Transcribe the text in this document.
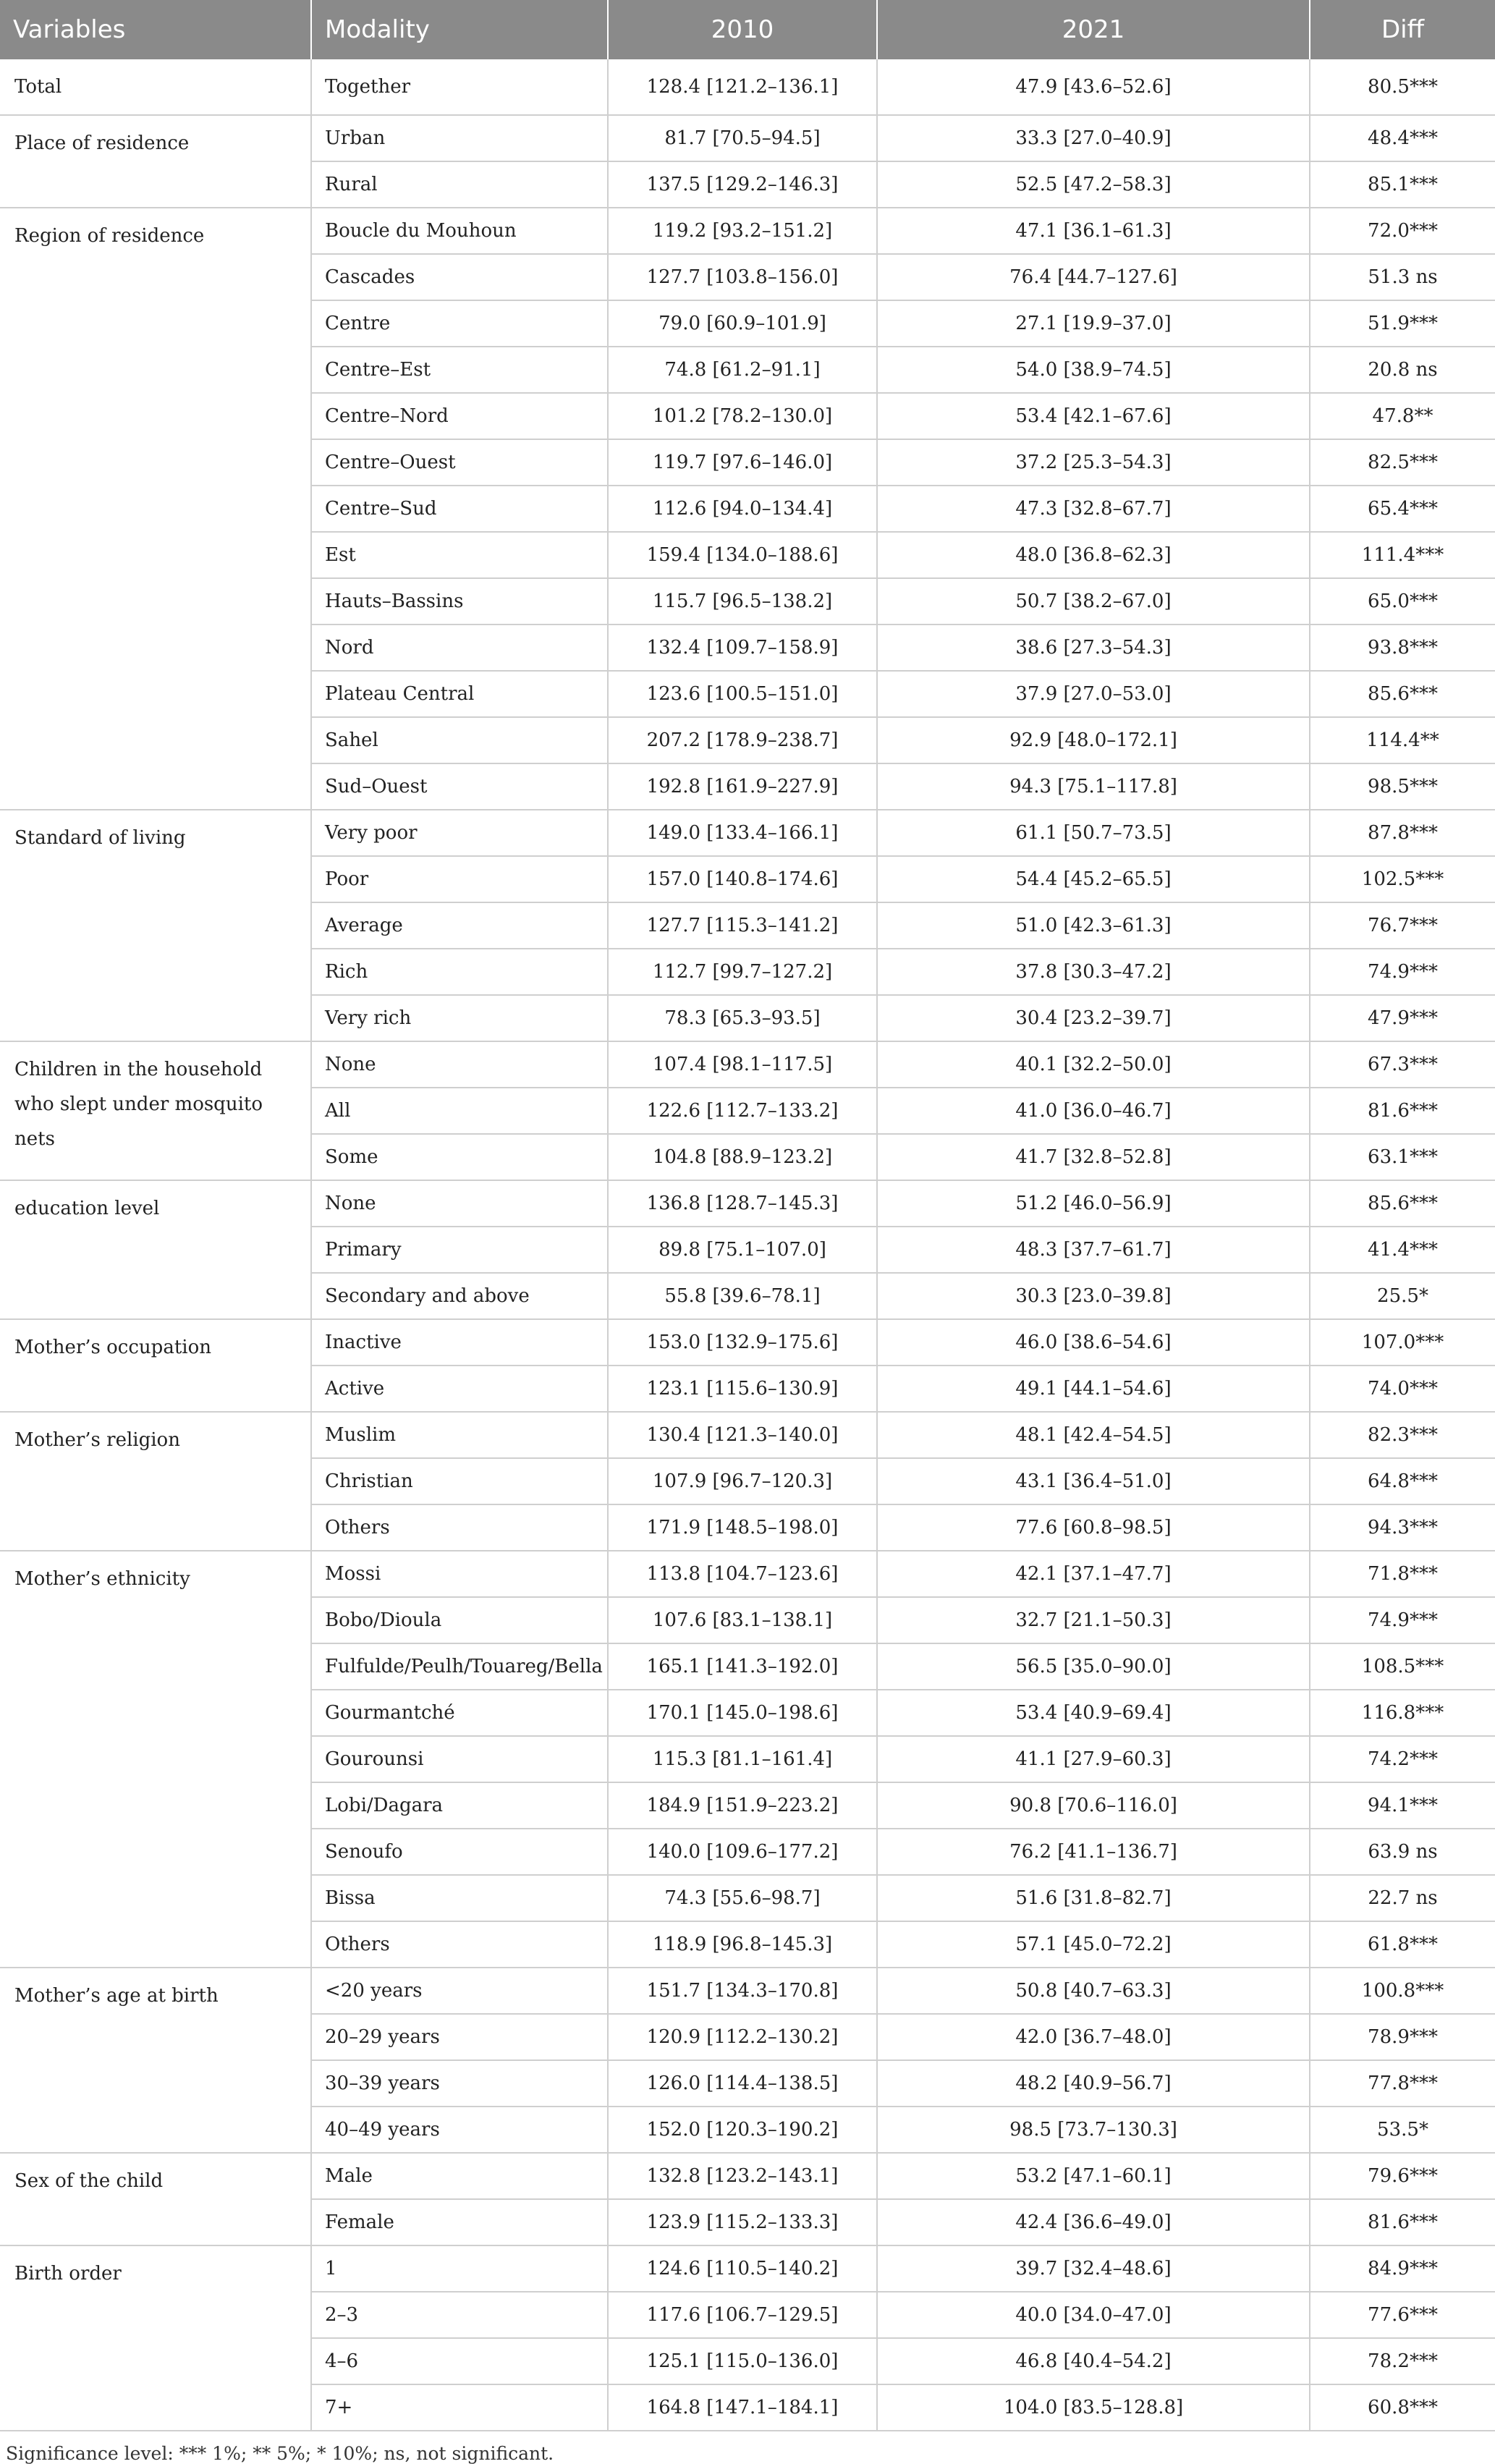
Variables	Modality	2010	2021	Diff
Total	Together	128.4 [121.2–136.1]	47.9 [43.6–52.6]	80.5***
Place of residence	Urban	81.7 [70.5–94.5]	33.3 [27.0–40.9]	48.4***
	Rural	137.5 [129.2–146.3]	52.5 [47.2–58.3]	85.1***
Region of residence	Boucle du Mouhoun	119.2 [93.2–151.2]	47.1 [36.1–61.3]	72.0***
	Cascades	127.7 [103.8–156.0]	76.4 [44.7–127.6]	51.3 ns
	Centre	79.0 [60.9–101.9]	27.1 [19.9–37.0]	51.9***
	Centre–Est	74.8 [61.2–91.1]	54.0 [38.9–74.5]	20.8 ns
	Centre–Nord	101.2 [78.2–130.0]	53.4 [42.1–67.6]	47.8**
	Centre–Ouest	119.7 [97.6–146.0]	37.2 [25.3–54.3]	82.5***
	Centre–Sud	112.6 [94.0–134.4]	47.3 [32.8–67.7]	65.4***
	Est	159.4 [134.0–188.6]	48.0 [36.8–62.3]	111.4***
	Hauts–Bassins	115.7 [96.5–138.2]	50.7 [38.2–67.0]	65.0***
	Nord	132.4 [109.7–158.9]	38.6 [27.3–54.3]	93.8***
	Plateau Central	123.6 [100.5–151.0]	37.9 [27.0–53.0]	85.6***
	Sahel	207.2 [178.9–238.7]	92.9 [48.0–172.1]	114.4**
	Sud–Ouest	192.8 [161.9–227.9]	94.3 [75.1–117.8]	98.5***
Standard of living	Very poor	149.0 [133.4–166.1]	61.1 [50.7–73.5]	87.8***
	Poor	157.0 [140.8–174.6]	54.4 [45.2–65.5]	102.5***
	Average	127.7 [115.3–141.2]	51.0 [42.3–61.3]	76.7***
	Rich	112.7 [99.7–127.2]	37.8 [30.3–47.2]	74.9***
	Very rich	78.3 [65.3–93.5]	30.4 [23.2–39.7]	47.9***
Children in the household who slept under mosquito nets	None	107.4 [98.1–117.5]	40.1 [32.2–50.0]	67.3***
	All	122.6 [112.7–133.2]	41.0 [36.0–46.7]	81.6***
	Some	104.8 [88.9–123.2]	41.7 [32.8–52.8]	63.1***
education level	None	136.8 [128.7–145.3]	51.2 [46.0–56.9]	85.6***
	Primary	89.8 [75.1–107.0]	48.3 [37.7–61.7]	41.4***
	Secondary and above	55.8 [39.6–78.1]	30.3 [23.0–39.8]	25.5*
Mother’s occupation	Inactive	153.0 [132.9–175.6]	46.0 [38.6–54.6]	107.0***
	Active	123.1 [115.6–130.9]	49.1 [44.1–54.6]	74.0***
Mother’s religion	Muslim	130.4 [121.3–140.0]	48.1 [42.4–54.5]	82.3***
	Christian	107.9 [96.7–120.3]	43.1 [36.4–51.0]	64.8***
	Others	171.9 [148.5–198.0]	77.6 [60.8–98.5]	94.3***
Mother’s ethnicity	Mossi	113.8 [104.7–123.6]	42.1 [37.1–47.7]	71.8***
	Bobo/Dioula	107.6 [83.1–138.1]	32.7 [21.1–50.3]	74.9***
	Fulfulde/Peulh/Touareg/Bella	165.1 [141.3–192.0]	56.5 [35.0–90.0]	108.5***
	Gourmantché	170.1 [145.0–198.6]	53.4 [40.9–69.4]	116.8***
	Gourounsi	115.3 [81.1–161.4]	41.1 [27.9–60.3]	74.2***
	Lobi/Dagara	184.9 [151.9–223.2]	90.8 [70.6–116.0]	94.1***
	Senoufo	140.0 [109.6–177.2]	76.2 [41.1–136.7]	63.9 ns
	Bissa	74.3 [55.6–98.7]	51.6 [31.8–82.7]	22.7 ns
	Others	118.9 [96.8–145.3]	57.1 [45.0–72.2]	61.8***
Mother’s age at birth	<20 years	151.7 [134.3–170.8]	50.8 [40.7–63.3]	100.8***
	20–29 years	120.9 [112.2–130.2]	42.0 [36.7–48.0]	78.9***
	30–39 years	126.0 [114.4–138.5]	48.2 [40.9–56.7]	77.8***
	40–49 years	152.0 [120.3–190.2]	98.5 [73.7–130.3]	53.5*
Sex of the child	Male	132.8 [123.2–143.1]	53.2 [47.1–60.1]	79.6***
	Female	123.9 [115.2–133.3]	42.4 [36.6–49.0]	81.6***
Birth order	1	124.6 [110.5–140.2]	39.7 [32.4–48.6]	84.9***
	2–3	117.6 [106.7–129.5]	40.0 [34.0–47.0]	77.6***
	4–6	125.1 [115.0–136.0]	46.8 [40.4–54.2]	78.2***
	7+	164.8 [147.1–184.1]	104.0 [83.5–128.8]	60.8***
Significance level: *** 1%; ** 5%; * 10%; ns, not significant.
